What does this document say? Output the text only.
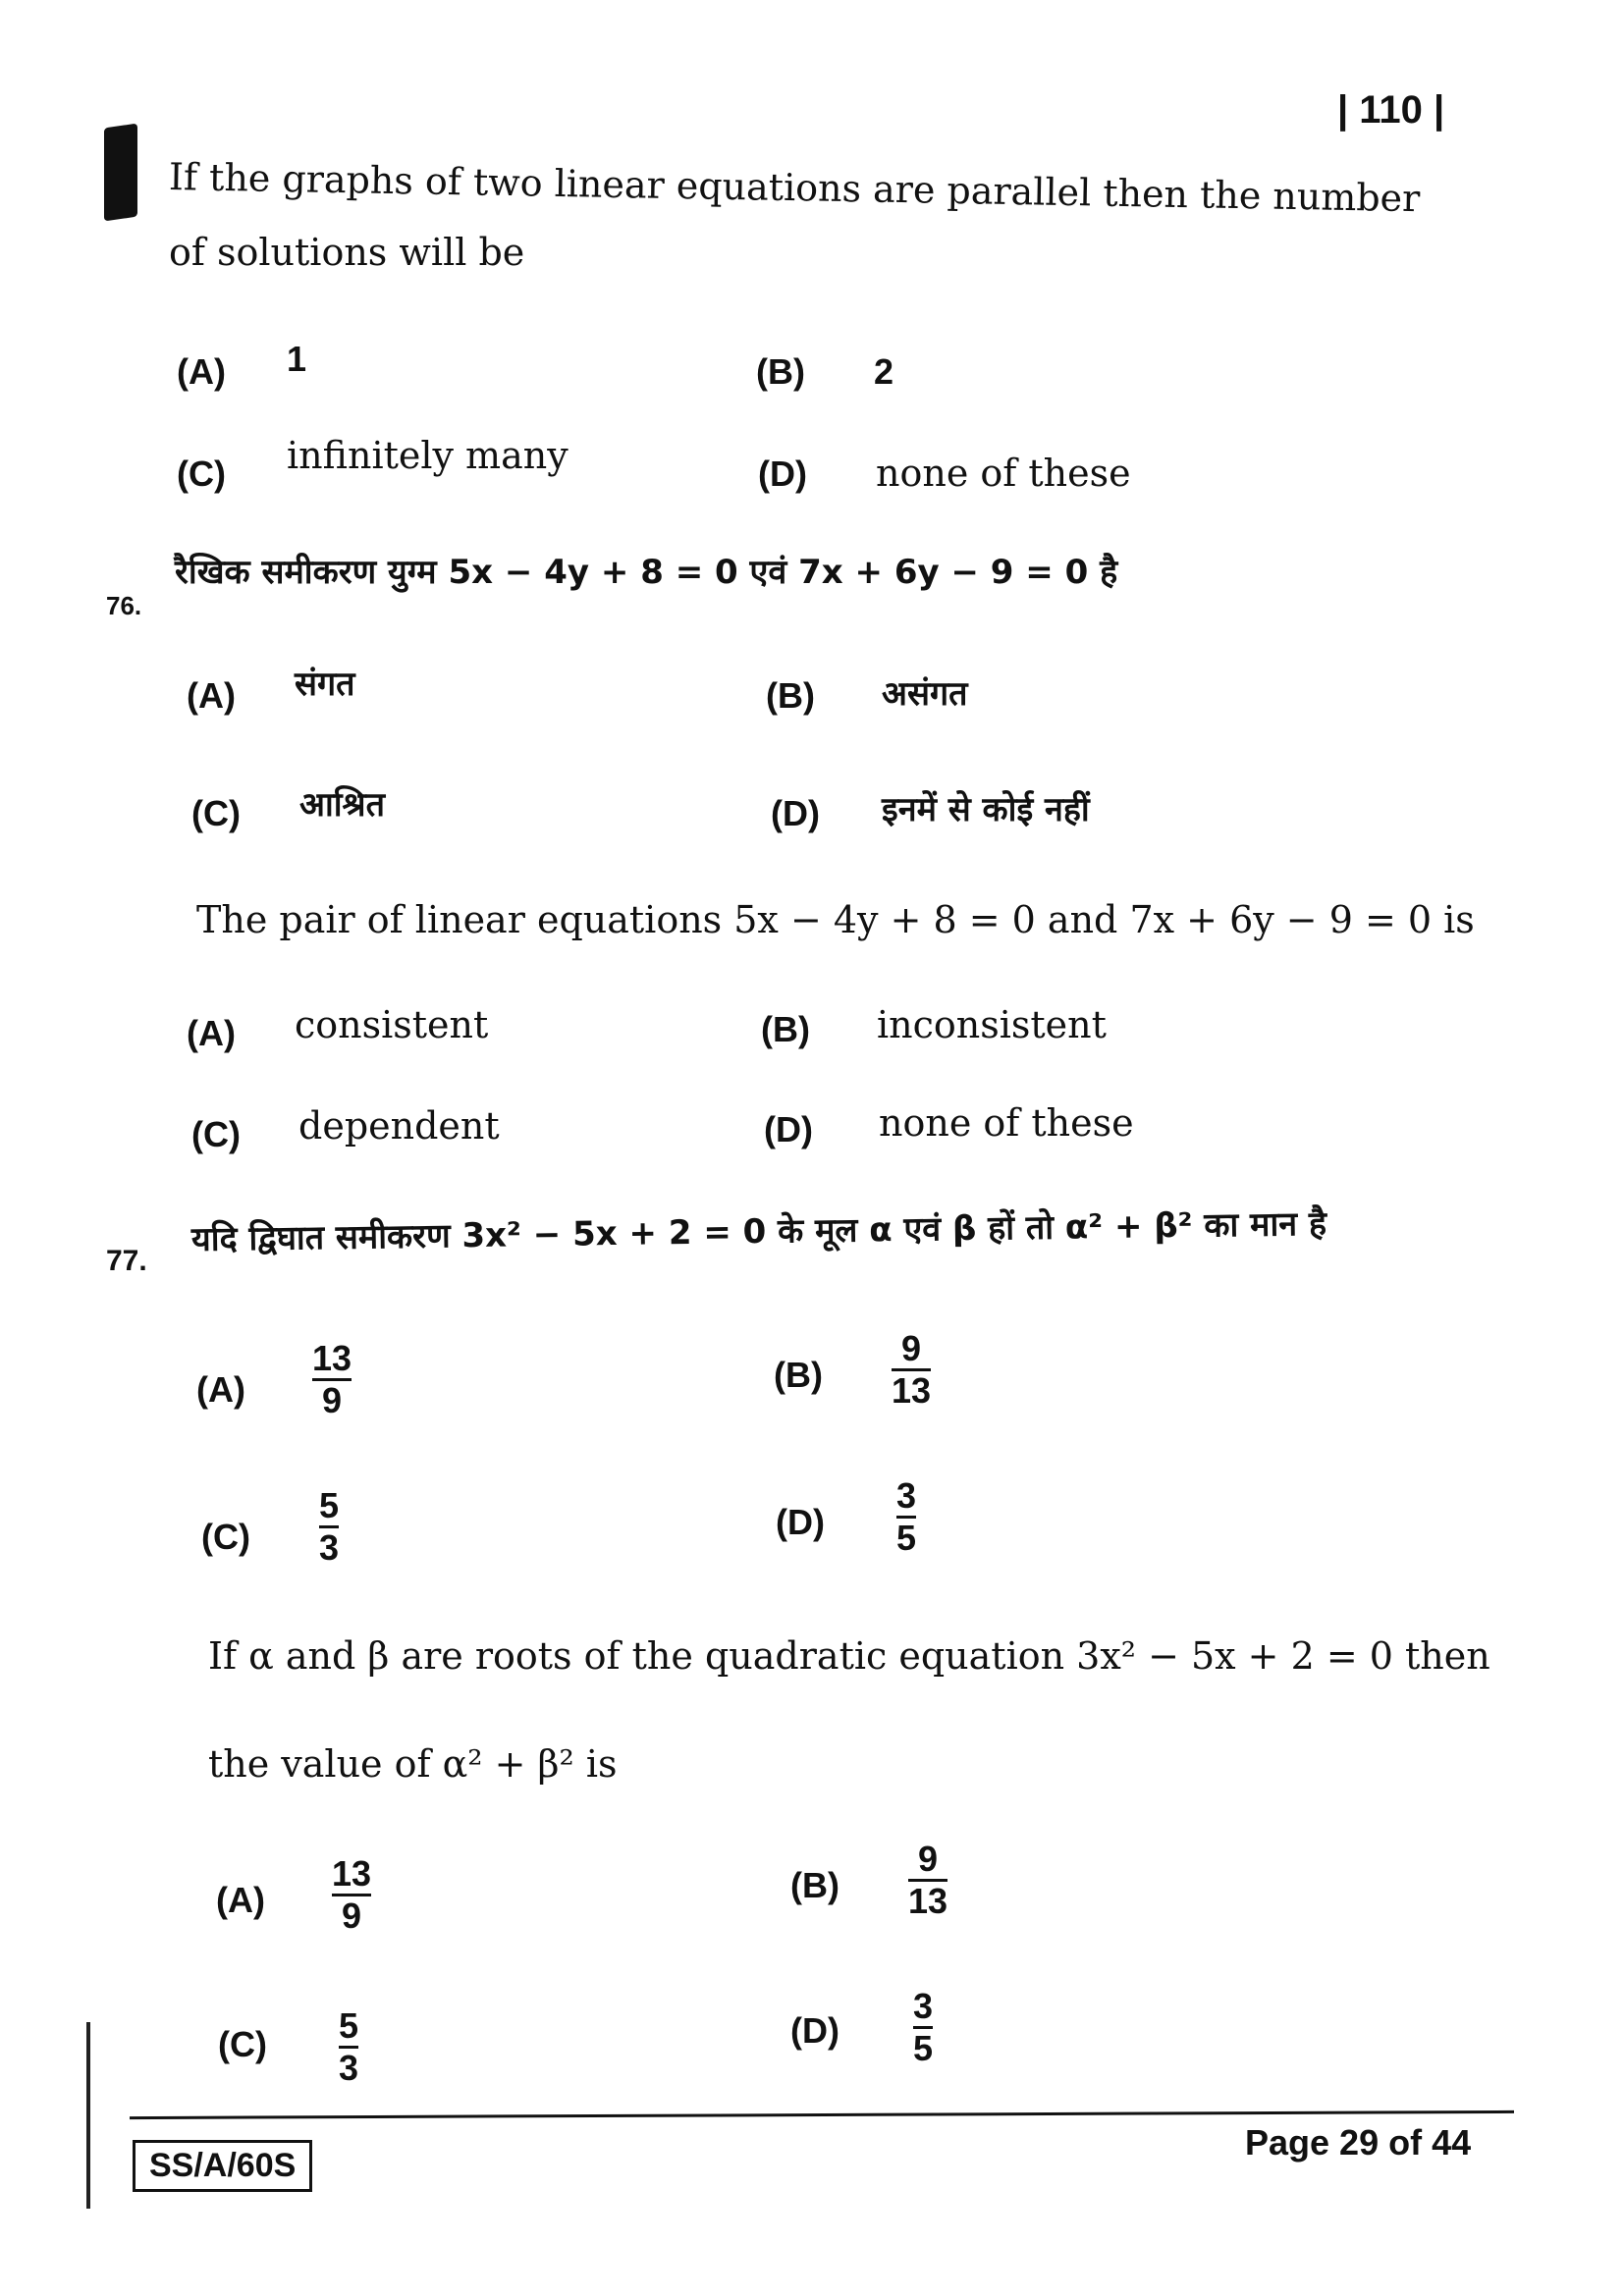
| 110 |
If the graphs of two linear equations are parallel then the number
of solutions will be
(A) 1	(B) 2
(C) infinitely many	(D) none of these
76.
रैखिक समीकरण युग्म 5x − 4y + 8 = 0 एवं 7x + 6y − 9 = 0 है
(A) संगत	(B) असंगत
(C) आश्रित	(D) इनमें से कोई नहीं
The pair of linear equations 5x − 4y + 8 = 0 and 7x + 6y − 9 = 0 is
(A) consistent	(B) inconsistent
(C) dependent	(D) none of these
77.
यदि द्विघात समीकरण 3x² − 5x + 2 = 0 के मूल α एवं β हों तो α² + β² का मान है
(A)
13
9
(B)
9
13
(C)
5
3
(D)
3
5
If α and β are roots of the quadratic equation 3x² − 5x + 2 = 0 then
the value of α² + β² is
(A)
13
9
(B)
9
13
(C) 5
3
(D)
3
5
SS/A/60S
Page 29 of 44
